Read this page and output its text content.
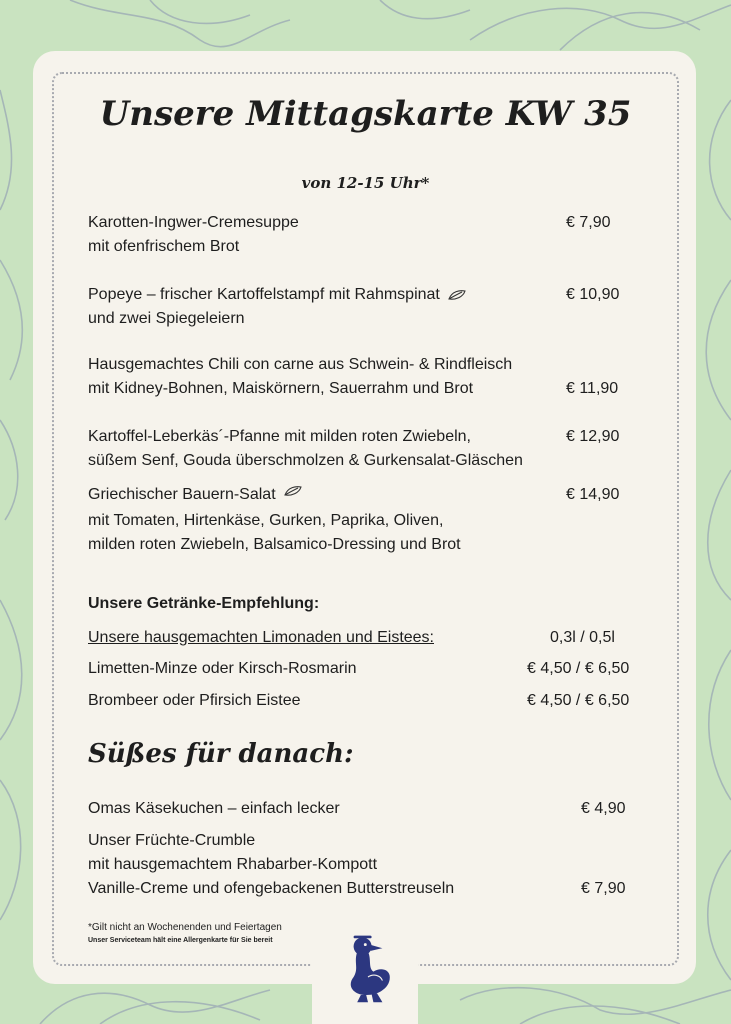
Unsere Mittagskarte KW 35
von 12-15 Uhr*
Karotten-Ingwer-Cremesuppe
mit ofenfrischem Brot
€ 7,90
Popeye – frischer Kartoffelstampf mit Rahmspinat
und zwei Spiegeleiern
€ 10,90
Hausgemachtes Chili con carne aus Schwein- & Rindfleisch
mit Kidney-Bohnen, Maiskörnern, Sauerrahm und Brot	€ 11,90
Kartoffel-Leberkäs´-Pfanne mit milden roten Zwiebeln,
süßem Senf, Gouda überschmolzen & Gurkensalat-Gläschen
€ 12,90
Griechischer Bauern-Salat
mit Tomaten, Hirtenkäse, Gurken, Paprika, Oliven,
milden roten Zwiebeln, Balsamico-Dressing und Brot
€ 14,90
Unsere Getränke-Empfehlung:
Unsere hausgemachten Limonaden und Eistees:	0,3l / 0,5l
Limetten-Minze oder Kirsch-Rosmarin	€ 4,50 / € 6,50
Brombeer oder Pfirsich Eistee	€ 4,50 / € 6,50
Süßes für danach:
Omas Käsekuchen – einfach lecker	€ 4,90
Unser Früchte-Crumble
mit hausgemachtem Rhabarber-Kompott
Vanille-Creme und ofengebackenen Butterstreuseln	€ 7,90
*Gilt nicht an Wochenenden und Feiertagen
Unser Serviceteam hält eine Allergenkarte für Sie bereit
